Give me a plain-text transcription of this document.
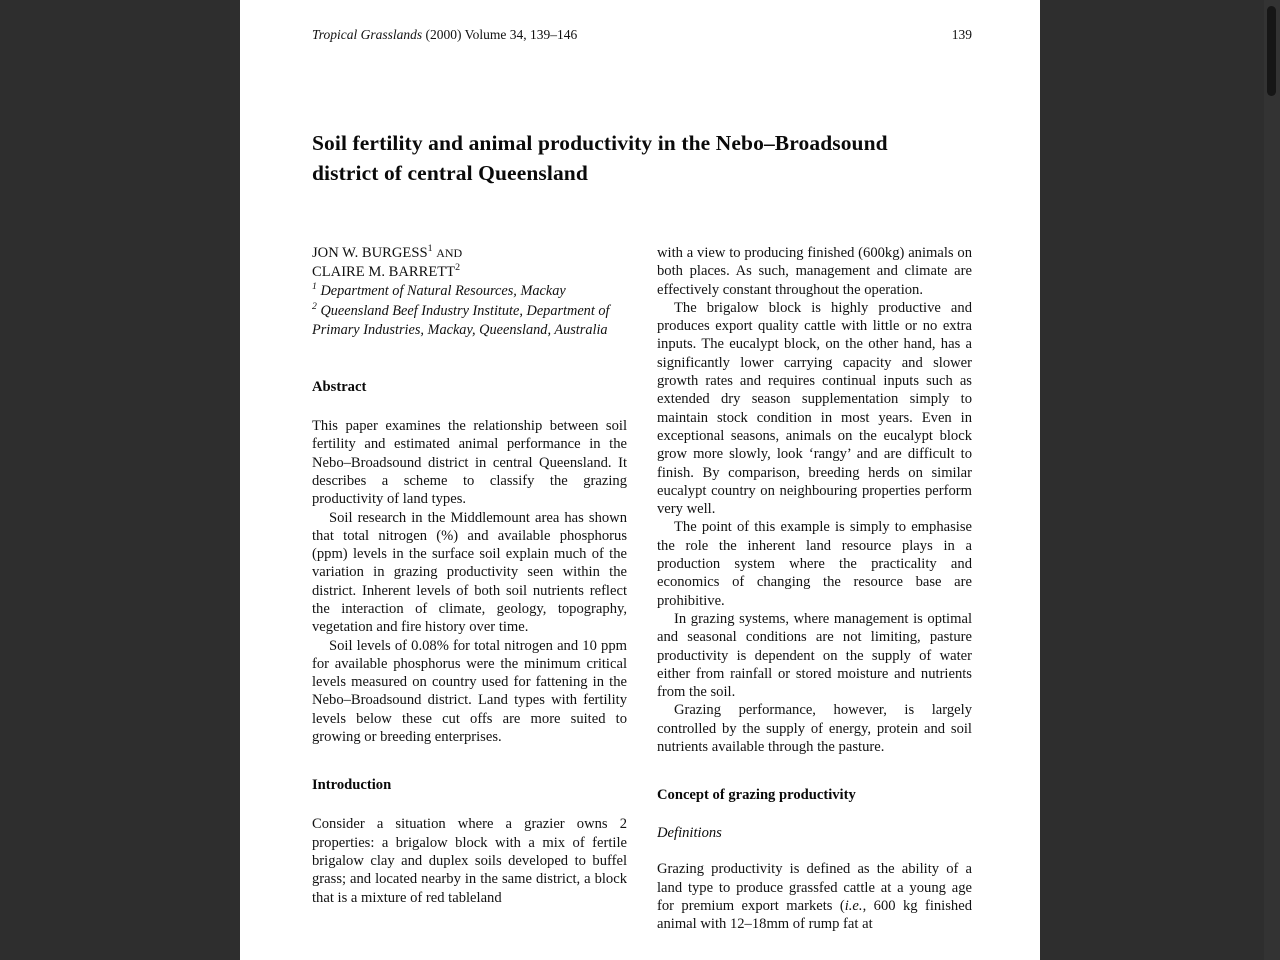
Tropical Grasslands (2000) Volume 34, 139–146	139
Soil fertility and animal productivity in the Nebo–Broadsound district of central Queensland
JON W. BURGESS$^1$ AND
CLAIRE M. BARRETT$^2$
$^1$ Department of Natural Resources, Mackay
$^2$ Queensland Beef Industry Institute, Department of Primary Industries, Mackay, Queensland, Australia
Abstract

This paper examines the relationship between soil fertility and estimated animal performance in the Nebo–Broadsound district in central Queensland. It describes a scheme to classify the grazing productivity of land types.

Soil research in the Middlemount area has shown that total nitrogen (%) and available phosphorus (ppm) levels in the surface soil explain much of the variation in grazing productivity seen within the district. Inherent levels of both soil nutrients reflect the interaction of climate, geology, topography, vegetation and fire history over time.

Soil levels of 0.08% for total nitrogen and 10 ppm for available phosphorus were the minimum critical levels measured on country used for fattening in the Nebo–Broadsound district. Land types with fertility levels below these cut offs are more suited to growing or breeding enterprises.

Introduction

Consider a situation where a grazier owns 2 properties: a brigalow block with a mix of fertile brigalow clay and duplex soils developed to buffel grass; and located nearby in the same district, a block that is a mixture of red tableland

with a view to producing finished (600kg) animals on both places. As such, management and climate are effectively constant throughout the operation.

The brigalow block is highly productive and produces export quality cattle with little or no extra inputs. The eucalypt block, on the other hand, has a significantly lower carrying capacity and slower growth rates and requires continual inputs such as extended dry season supplementation simply to maintain stock condition in most years. Even in exceptional seasons, animals on the eucalypt block grow more slowly, look ‘rangy’ and are difficult to finish. By comparison, breeding herds on similar eucalypt country on neighbouring properties perform very well.

The point of this example is simply to emphasise the role the inherent land resource plays in a production system where the practicality and economics of changing the resource base are prohibitive.

In grazing systems, where management is optimal and seasonal conditions are not limiting, pasture productivity is dependent on the supply of water either from rainfall or stored moisture and nutrients from the soil.

Grazing performance, however, is largely controlled by the supply of energy, protein and soil nutrients available through the pasture.

Concept of grazing productivity
Definitions

Grazing productivity is defined as the ability of a land type to produce grassfed cattle at a young age for premium export markets (i.e., 600 kg finished animal with 12–18mm of rump fat at
